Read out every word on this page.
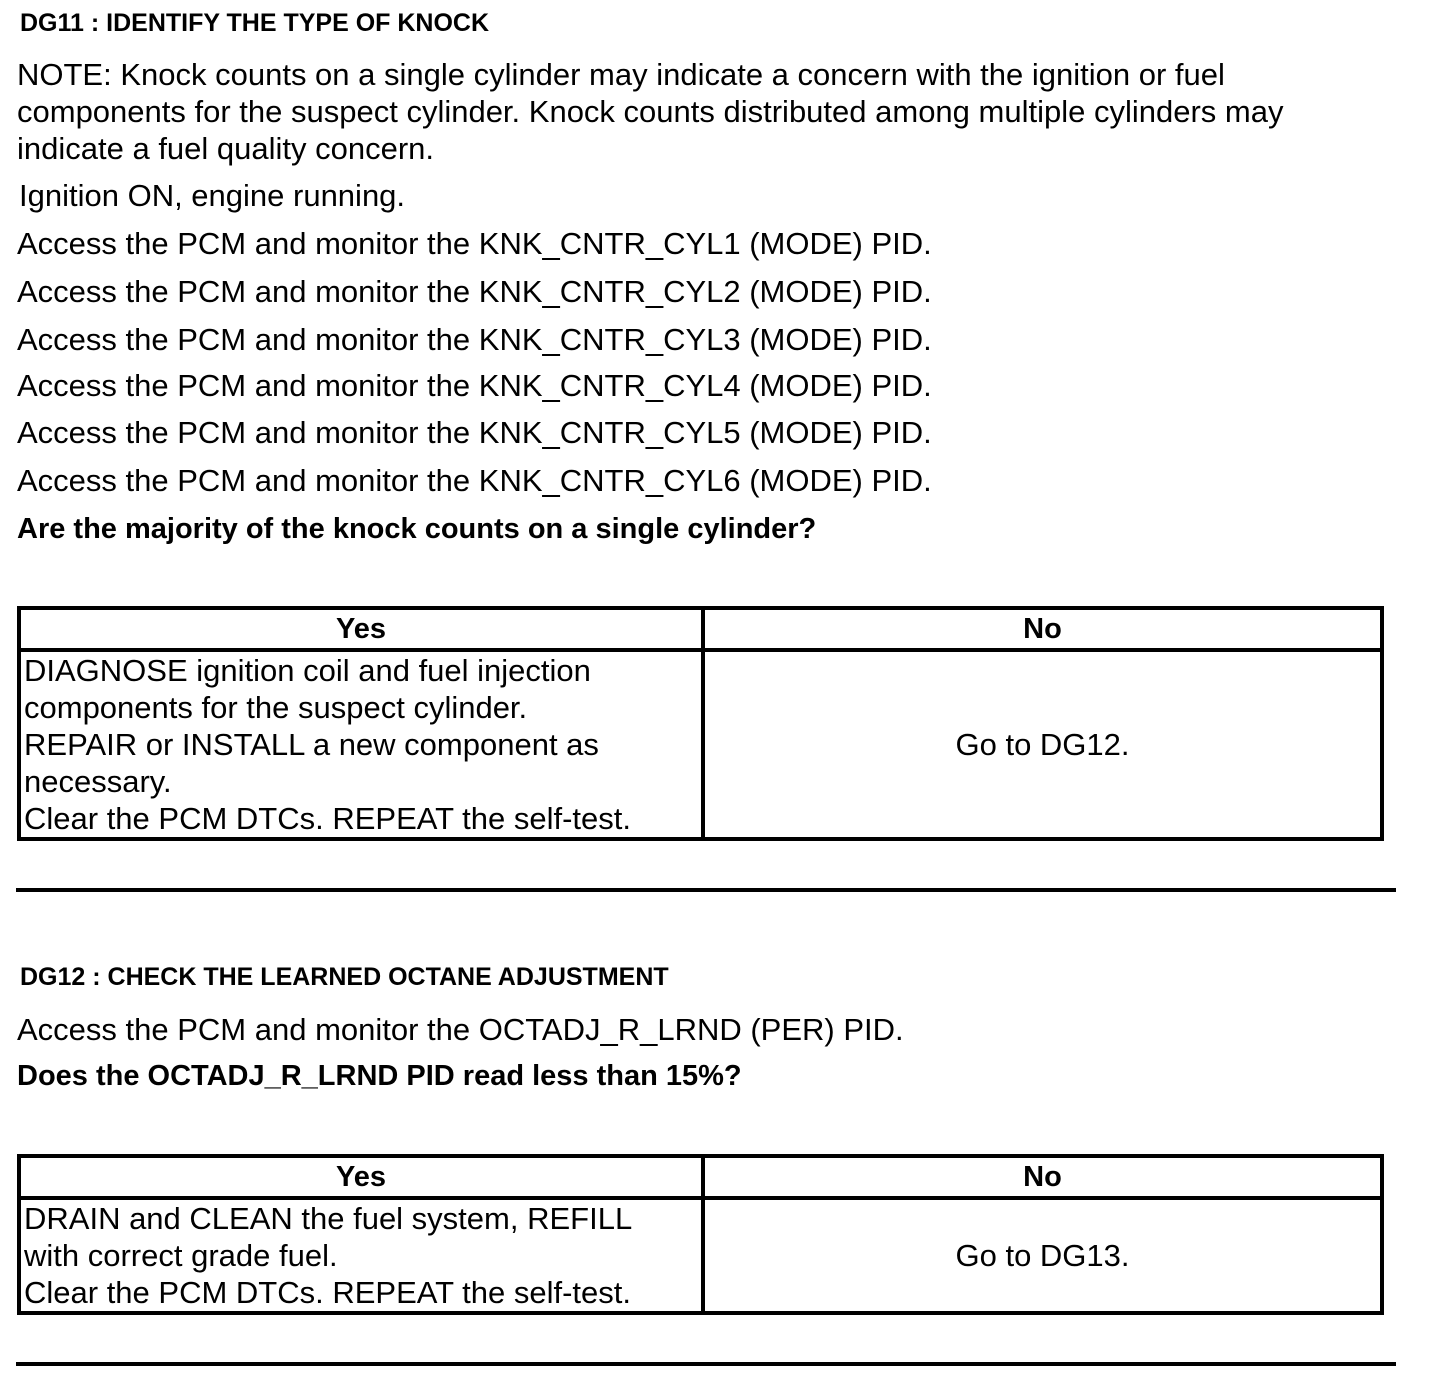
DG11 : IDENTIFY THE TYPE OF KNOCK

NOTE: Knock counts on a single cylinder may indicate a concern with the ignition or fuel

components for the suspect cylinder. Knock counts distributed among multiple cylinders may

indicate a fuel quality concern.

Ignition ON, engine running.
Access the PCM and monitor the KNK_CNTR_CYL1 (MODE) PID.
Access the PCM and monitor the KNK_CNTR_CYL2 (MODE) PID.
Access the PCM and monitor the KNK_CNTR_CYL3 (MODE) PID.
Access the PCM and monitor the KNK_CNTR_CYL4 (MODE) PID.
Access the PCM and monitor the KNK_CNTR_CYL5 (MODE) PID.
Access the PCM and monitor the KNK_CNTR_CYL6 (MODE) PID.
Are the majority of the knock counts on a single cylinder?
Yes	No

DIAGNOSE ignition coil and fuel injection
components for the suspect cylinder.
REPAIR or INSTALL a new component as
necessary.
Clear the PCM DTCs. REPEAT the self-test.	Go to DG12.
DG12 : CHECK THE LEARNED OCTANE ADJUSTMENT
Access the PCM and monitor the OCTADJ_R_LRND (PER) PID.
Does the OCTADJ_R_LRND PID read less than 15%?
Yes	No

DRAIN and CLEAN the fuel system, REFILL
with correct grade fuel.
Clear the PCM DTCs. REPEAT the self-test.	Go to DG13.
